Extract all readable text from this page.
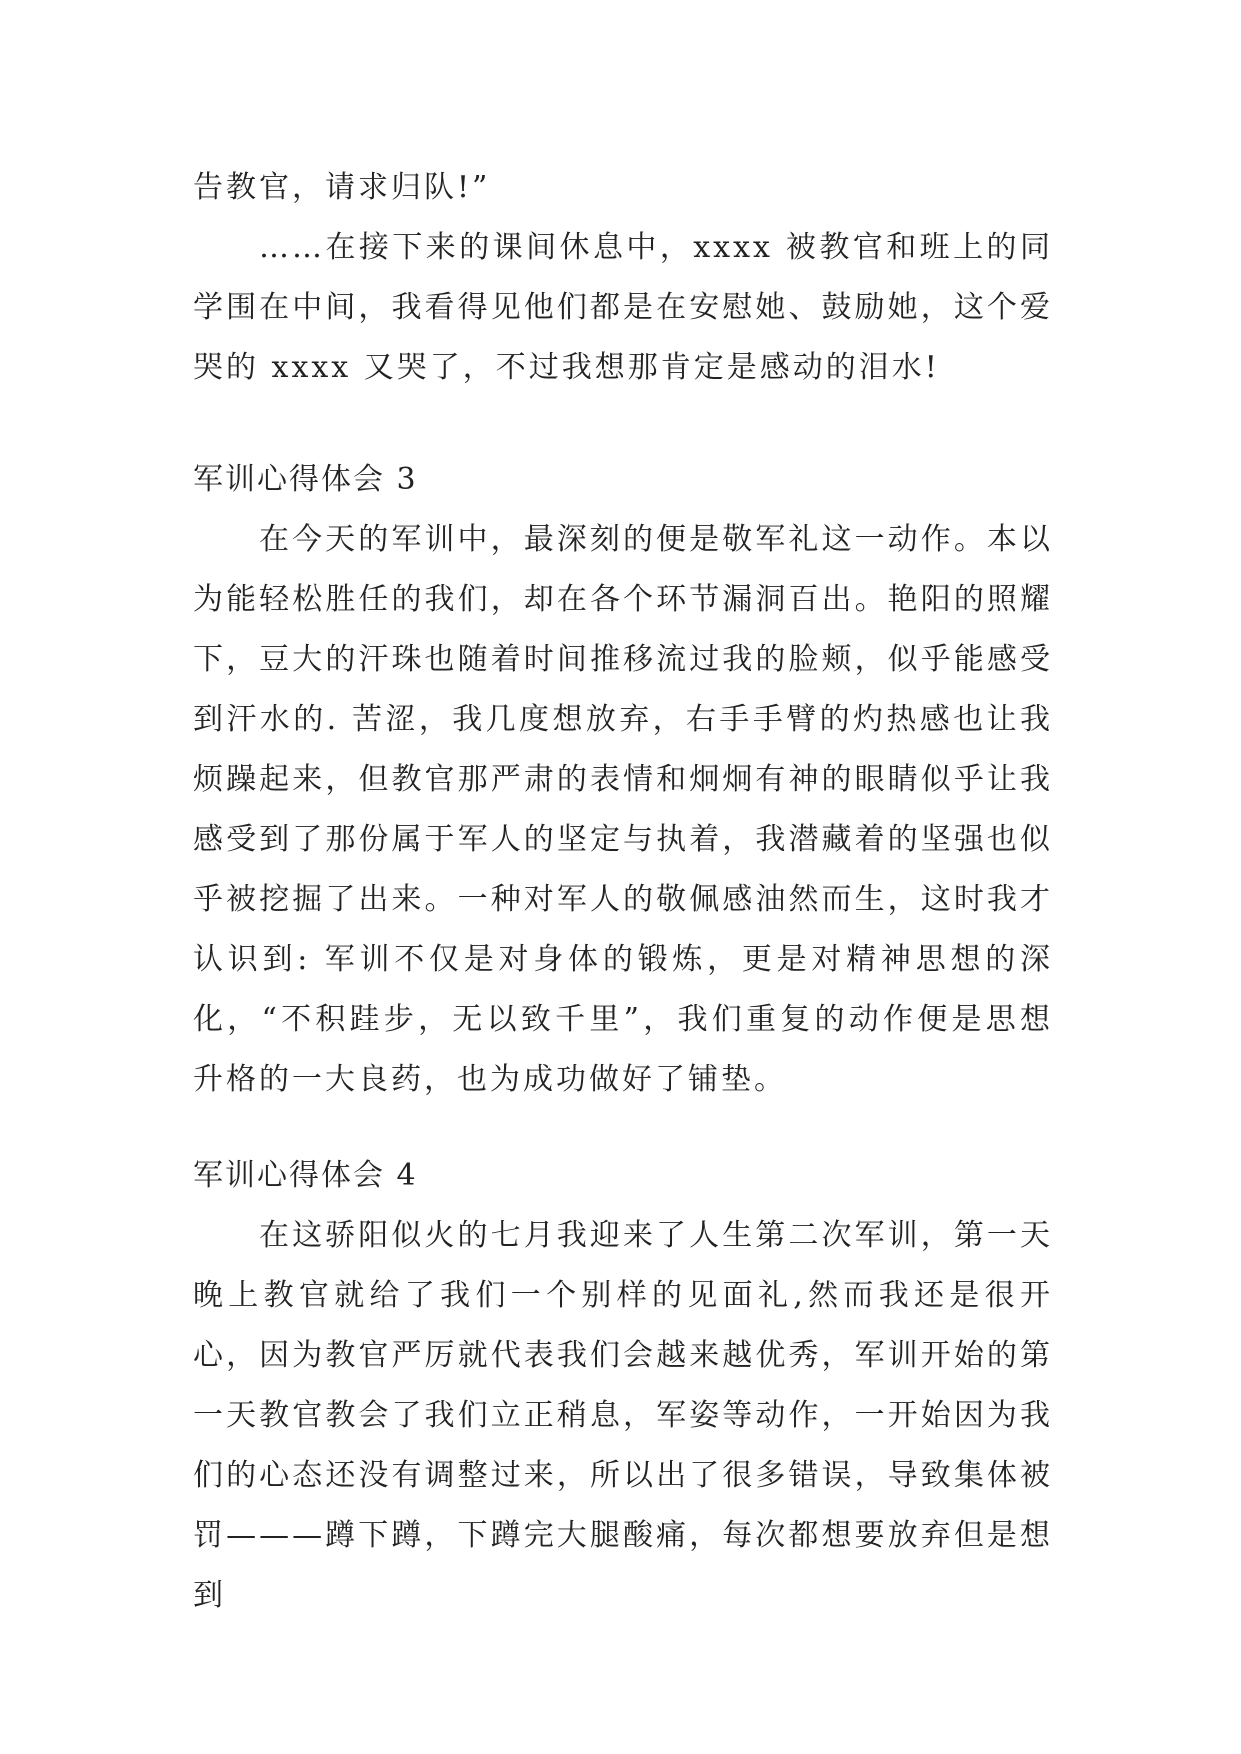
告教官，请求归队!”

……在接下来的课间休息中，xxxx 被教官和班上的同学围在中间，我看得见他们都是在安慰她、鼓励她，这个爱哭的 xxxx 又哭了，不过我想那肯定是感动的泪水!

军训心得体会 3

在今天的军训中，最深刻的便是敬军礼这一动作。本以为能轻松胜任的我们，却在各个环节漏洞百出。艳阳的照耀下，豆大的汗珠也随着时间推移流过我的脸颊，似乎能感受到汗水的. 苦涩，我几度想放弃，右手手臂的灼热感也让我烦躁起来，但教官那严肃的表情和炯炯有神的眼睛似乎让我感受到了那份属于军人的坚定与执着，我潜藏着的坚强也似乎被挖掘了出来。一种对军人的敬佩感油然而生，这时我才认识到: 军训不仅是对身体的锻炼，更是对精神思想的深化，“不积跬步，无以致千里”，我们重复的动作便是思想升格的一大良药，也为成功做好了铺垫。

军训心得体会 4

在这骄阳似火的七月我迎来了人生第二次军训，第一天晚上教官就给了我们一个别样的见面礼,然而我还是很开心，因为教官严厉就代表我们会越来越优秀，军训开始的第一天教官教会了我们立正稍息，军姿等动作，一开始因为我们的心态还没有调整过来，所以出了很多错误，导致集体被罚———蹲下蹲，下蹲完大腿酸痛，每次都想要放弃但是想到
